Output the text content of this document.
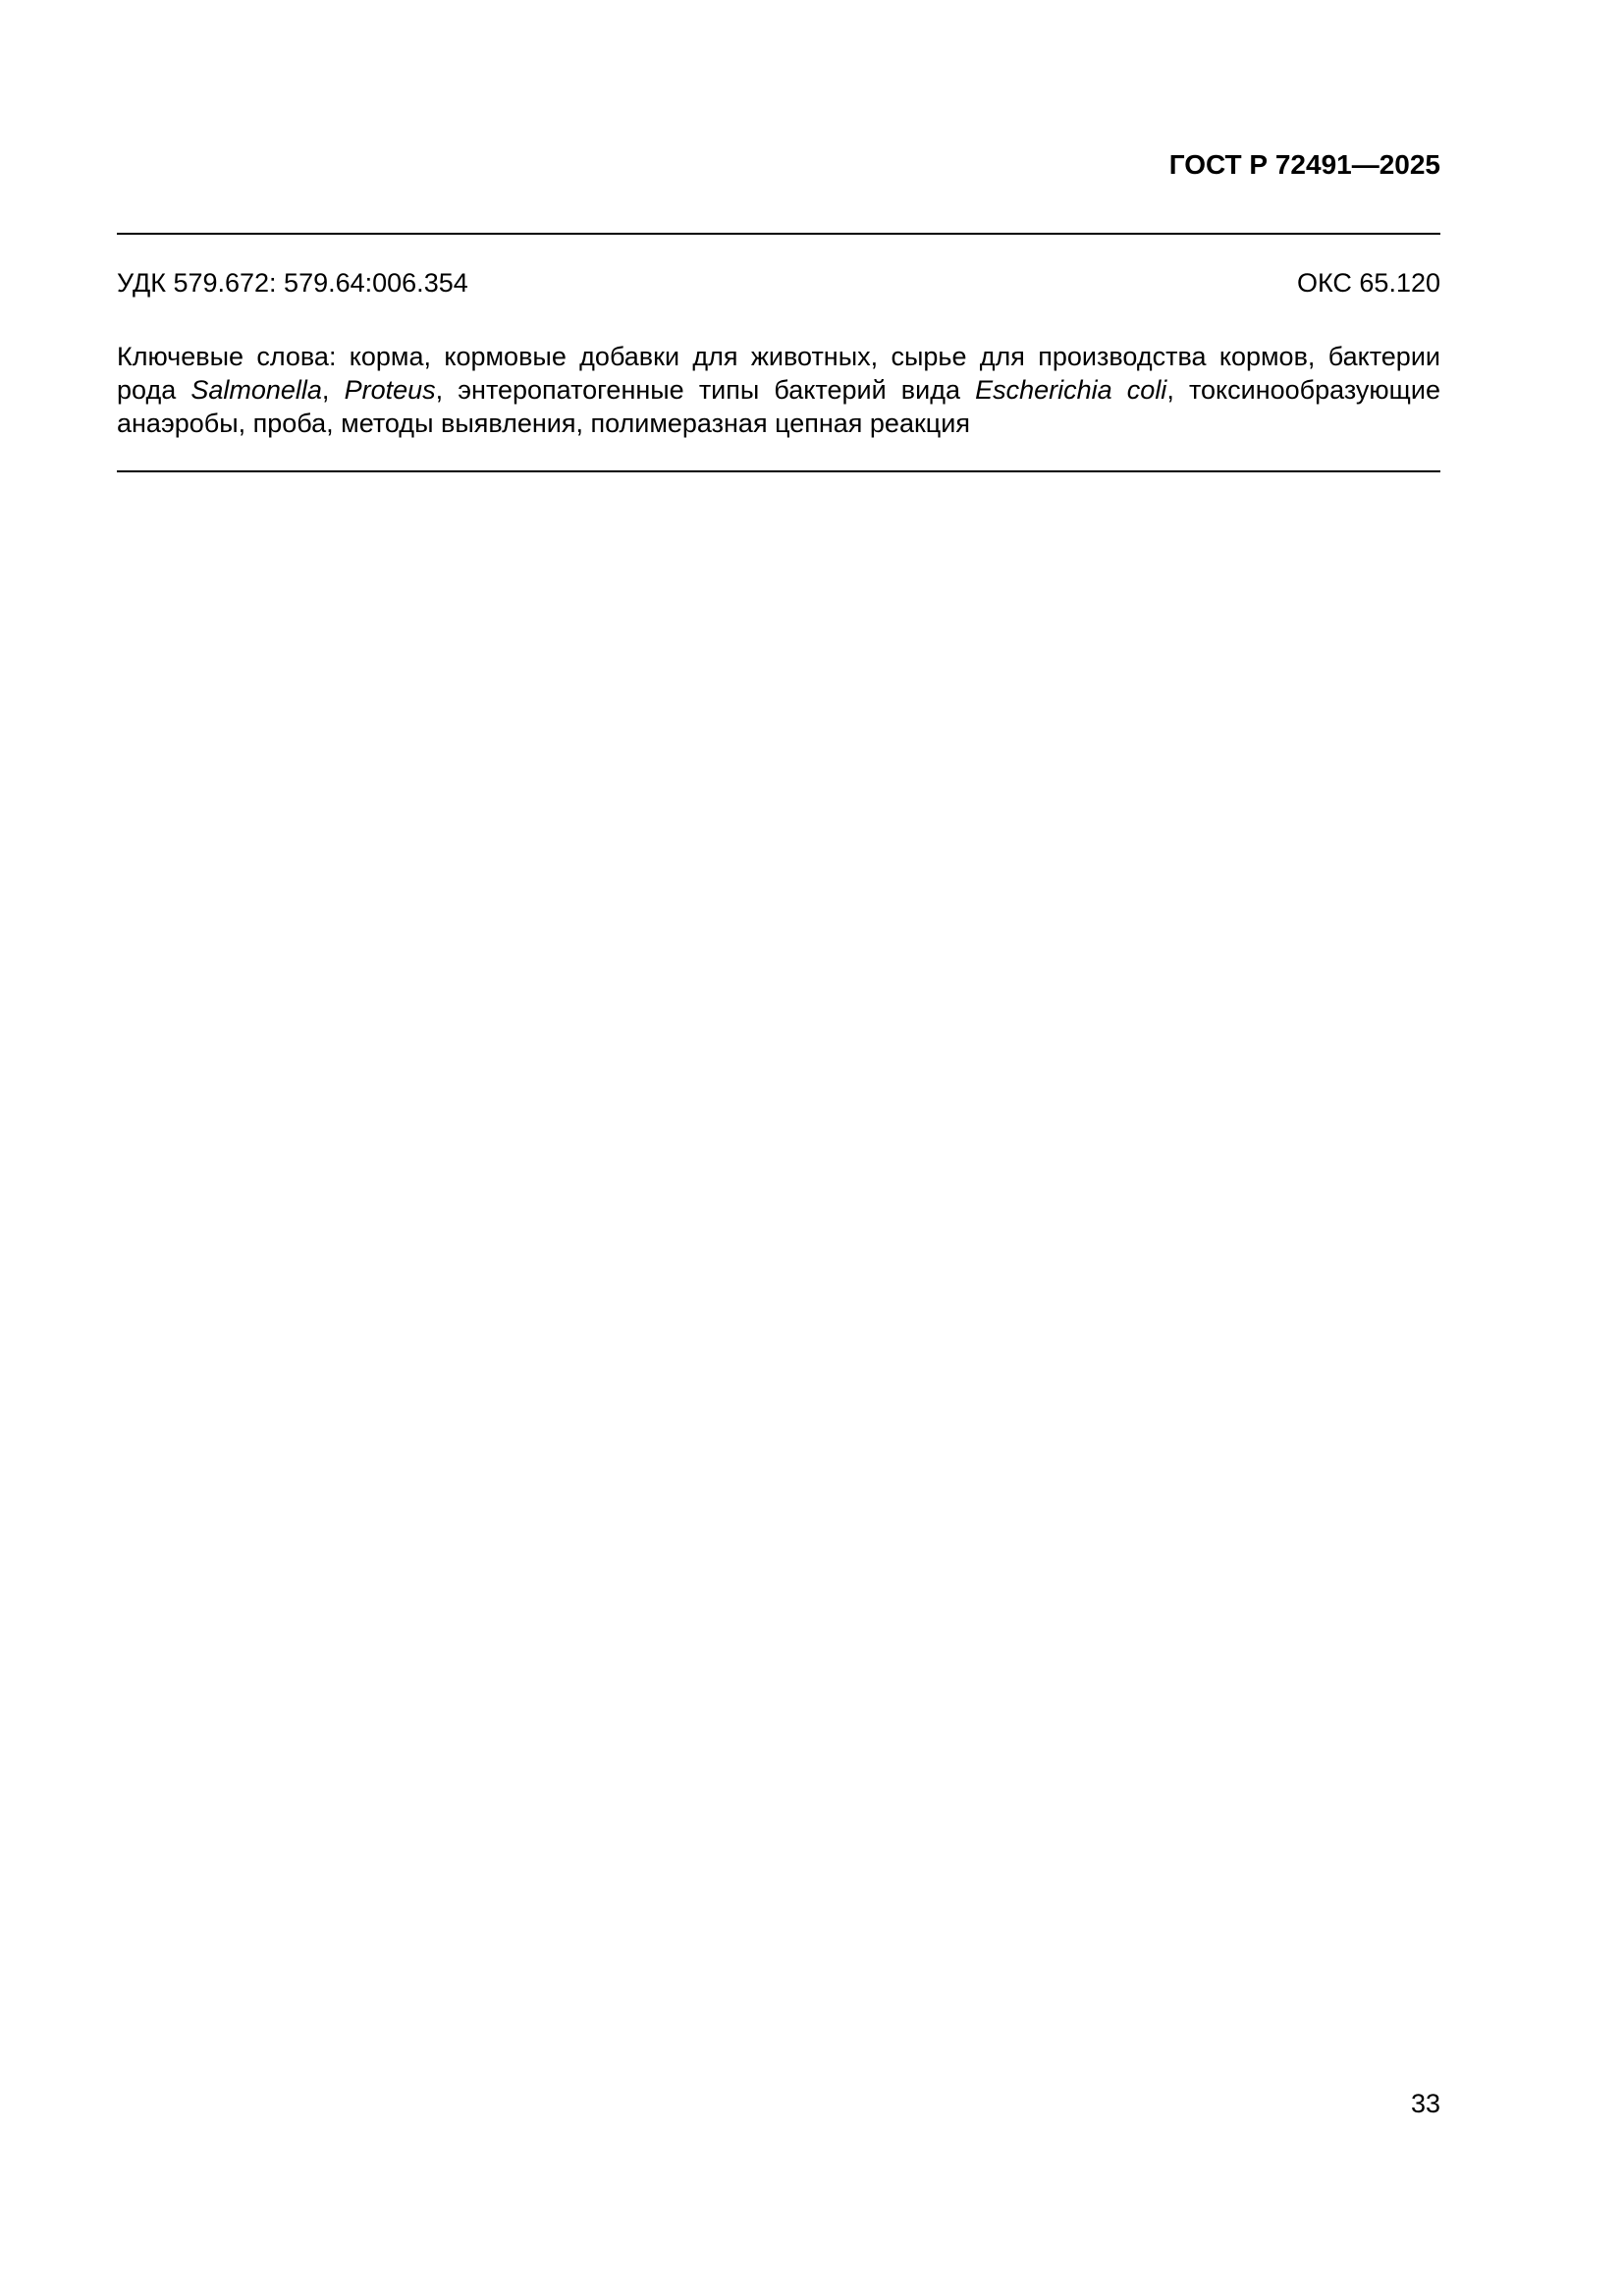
ГОСТ Р 72491—2025
УДК 579.672: 579.64:006.354	ОКС 65.120
Ключевые слова: корма, кормовые добавки для животных, сырье для производства кормов, бактерии
рода Salmonella, Proteus, энтеропатогенные типы бактерий вида Escherichia coli, токсинообразующие
анаэробы, проба, методы выявления, полимеразная цепная реакция
33
